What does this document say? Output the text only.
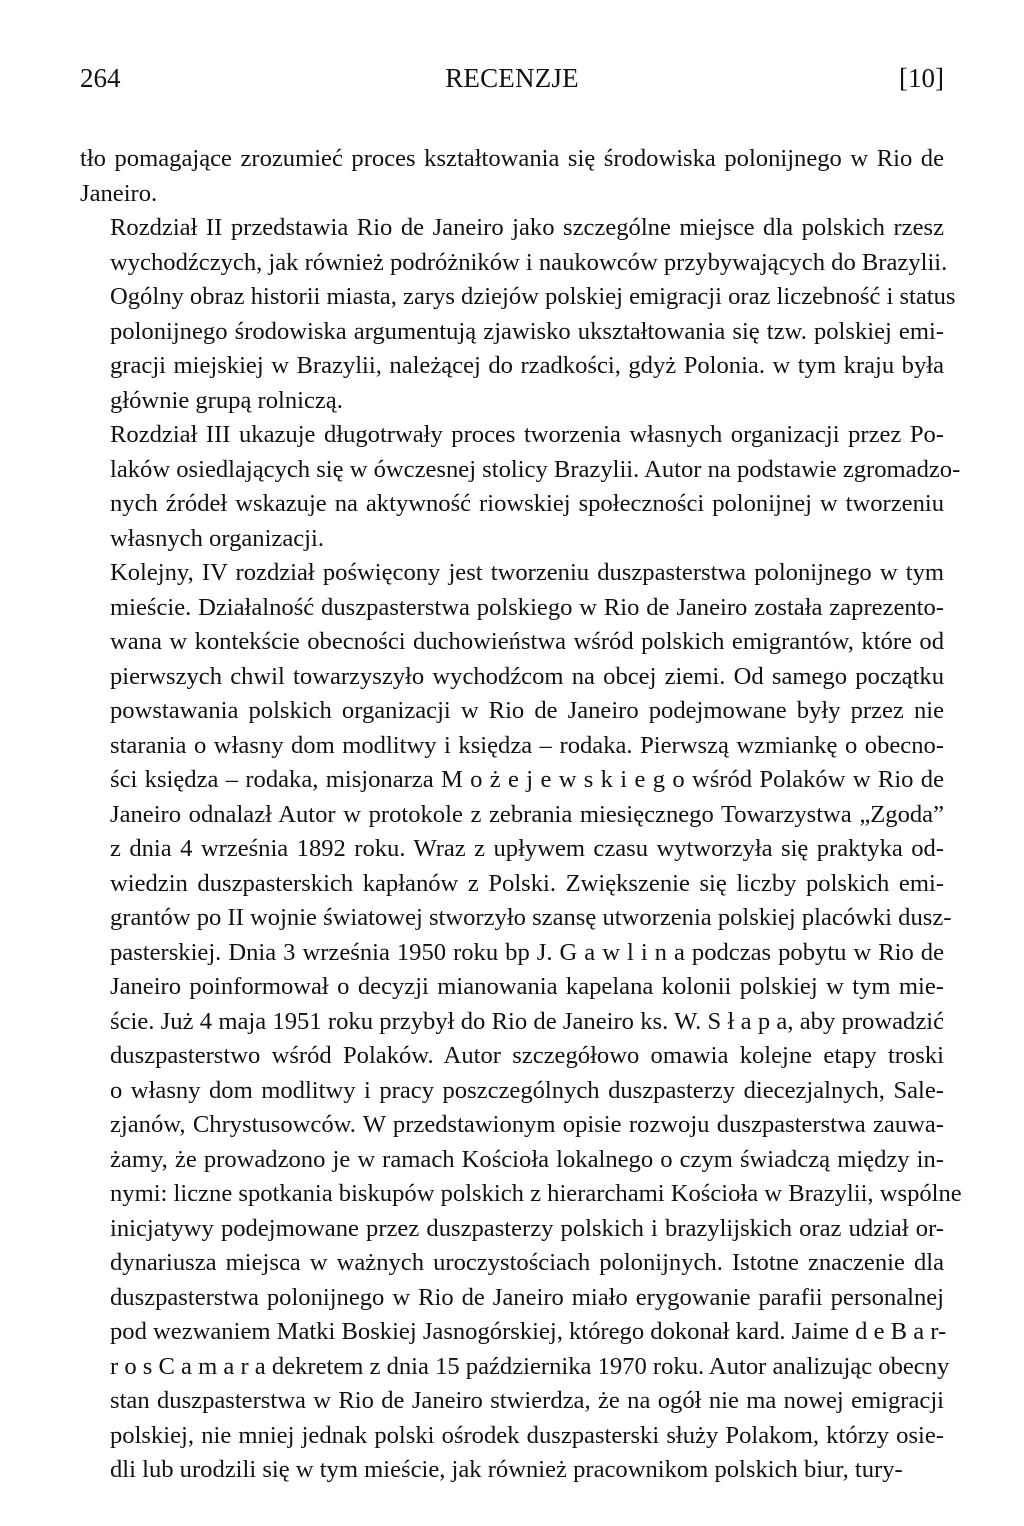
264	RECENZJE	[10]

tło pomagające zrozumieć proces kształtowania się środowiska polonijnego w Rio de
Janeiro.

Rozdział II przedstawia Rio de Janeiro jako szczególne miejsce dla polskich rzesz
wychodźczych, jak również podróżników i naukowców przybywających do Brazylii.
Ogólny obraz historii miasta, zarys dziejów polskiej emigracji oraz liczebność i status
polonijnego środowiska argumentują zjawisko ukształtowania się tzw. polskiej emi-
gracji miejskiej w Brazylii, należącej do rzadkości, gdyż Polonia. w tym kraju była
głównie grupą rolniczą.

Rozdział III ukazuje długotrwały proces tworzenia własnych organizacji przez Po-
laków osiedlających się w ówczesnej stolicy Brazylii. Autor na podstawie zgromadzo-
nych źródeł wskazuje na aktywność riowskiej społeczności polonijnej w tworzeniu
własnych organizacji.

Kolejny, IV rozdział poświęcony jest tworzeniu duszpasterstwa polonijnego w tym
mieście. Działalność duszpasterstwa polskiego w Rio de Janeiro została zaprezento-
wana w kontekście obecności duchowieństwa wśród polskich emigrantów, które od
pierwszych chwil towarzyszyło wychodźcom na obcej ziemi. Od samego początku
powstawania polskich organizacji w Rio de Janeiro podejmowane były przez nie
starania o własny dom modlitwy i księdza – rodaka. Pierwszą wzmiankę o obecno-
ści księdza – rodaka, misjonarza M o ż e j e w s k i e g o wśród Polaków w Rio de
Janeiro odnalazł Autor w protokole z zebrania miesięcznego Towarzystwa „Zgoda”
z dnia 4 września 1892 roku. Wraz z upływem czasu wytworzyła się praktyka od-
wiedzin duszpasterskich kapłanów z Polski. Zwiększenie się liczby polskich emi-
grantów po II wojnie światowej stworzyło szansę utworzenia polskiej placówki dusz-
pasterskiej. Dnia 3 września 1950 roku bp J. G a w l i n a podczas pobytu w Rio de
Janeiro poinformował o decyzji mianowania kapelana kolonii polskiej w tym mie-
ście. Już 4 maja 1951 roku przybył do Rio de Janeiro ks. W. S ł a p a, aby prowadzić
duszpasterstwo wśród Polaków. Autor szczegółowo omawia kolejne etapy troski
o własny dom modlitwy i pracy poszczególnych duszpasterzy diecezjalnych, Sale-
zjanów, Chrystusowców. W przedstawionym opisie rozwoju duszpasterstwa zauwa-
żamy, że prowadzono je w ramach Kościoła lokalnego o czym świadczą między in-
nymi: liczne spotkania biskupów polskich z hierarchami Kościoła w Brazylii, wspólne
inicjatywy podejmowane przez duszpasterzy polskich i brazylijskich oraz udział or-
dynariusza miejsca w ważnych uroczystościach polonijnych. Istotne znaczenie dla
duszpasterstwa polonijnego w Rio de Janeiro miało erygowanie parafii personalnej
pod wezwaniem Matki Boskiej Jasnogórskiej, którego dokonał kard. Jaime d e B a r-
r o s C a m a r a dekretem z dnia 15 października 1970 roku. Autor analizując obecny
stan duszpasterstwa w Rio de Janeiro stwierdza, że na ogół nie ma nowej emigracji
polskiej, nie mniej jednak polski ośrodek duszpasterski służy Polakom, którzy osie-
dli lub urodzili się w tym mieście, jak również pracownikom polskich biur, tury-
